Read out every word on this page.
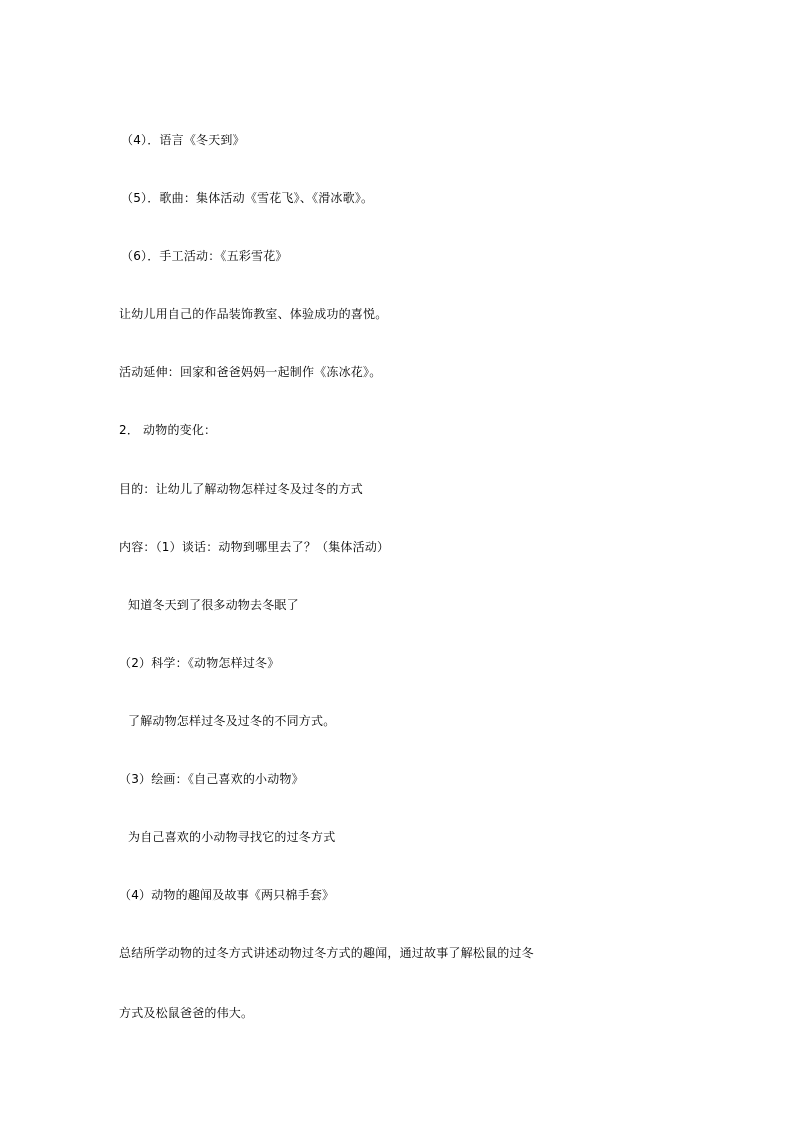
（4）．语言《冬天到》
（5）．歌曲：集体活动《雪花飞》、《滑冰歌》。
（6）．手工活动：《五彩雪花》
让幼儿用自己的作品装饰教室、体验成功的喜悦。
活动延伸：回家和爸爸妈妈一起制作《冻冰花》。
2． 动物的变化：
目的：让幼儿了解动物怎样过冬及过冬的方式
内容：（1）谈话：动物到哪里去了？（集体活动）
知道冬天到了很多动物去冬眠了
（2）科学：《动物怎样过冬》
了解动物怎样过冬及过冬的不同方式。
（3）绘画：《自己喜欢的小动物》
为自己喜欢的小动物寻找它的过冬方式
（4）动物的趣闻及故事《两只棉手套》
总结所学动物的过冬方式讲述动物过冬方式的趣闻，通过故事了解松鼠的过冬
方式及松鼠爸爸的伟大。
